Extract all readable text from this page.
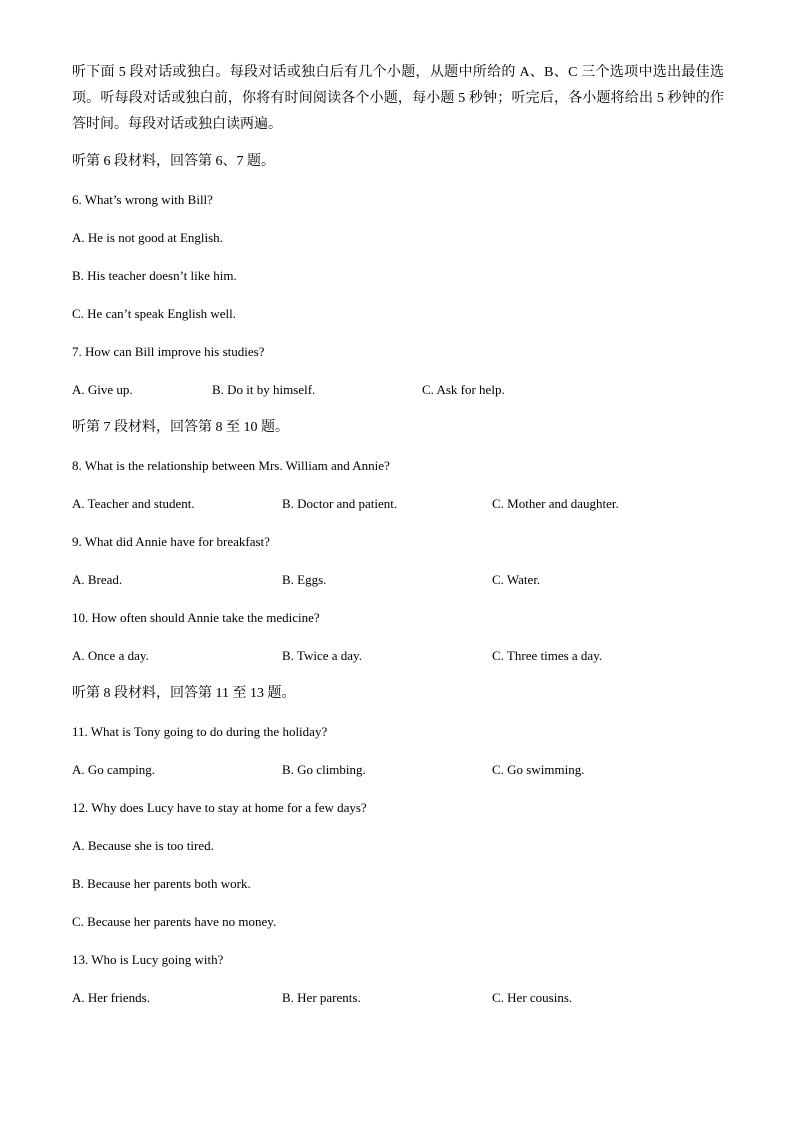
听下面 5 段对话或独白。每段对话或独白后有几个小题，从题中所给的 A、B、C 三个选项中选出最佳选项。听每段对话或独白前，你将有时间阅读各个小题，每小题 5 秒钟；听完后，各小题将给出 5 秒钟的作答时间。每段对话或独白读两遍。

听第 6 段材料，回答第 6、7 题。

6. What’s wrong with Bill?

A. He is not good at English.

B. His teacher doesn’t like him.

C. He can’t speak English well.

7. How can Bill improve his studies?

A. Give up.	B. Do it by himself.	C. Ask for help.

听第 7 段材料，回答第 8 至 10 题。

8. What is the relationship between Mrs. William and Annie?

A. Teacher and student.	B. Doctor and patient.	C. Mother and daughter.

9. What did Annie have for breakfast?

A. Bread.	B. Eggs.	C. Water.

10. How often should Annie take the medicine?

A. Once a day.	B. Twice a day.	C. Three times a day.

听第 8 段材料，回答第 11 至 13 题。

11. What is Tony going to do during the holiday?

A. Go camping.	B. Go climbing.	C. Go swimming.

12. Why does Lucy have to stay at home for a few days?

A. Because she is too tired.

B. Because her parents both work.

C. Because her parents have no money.

13. Who is Lucy going with?

A. Her friends.	B. Her parents.	C. Her cousins.
